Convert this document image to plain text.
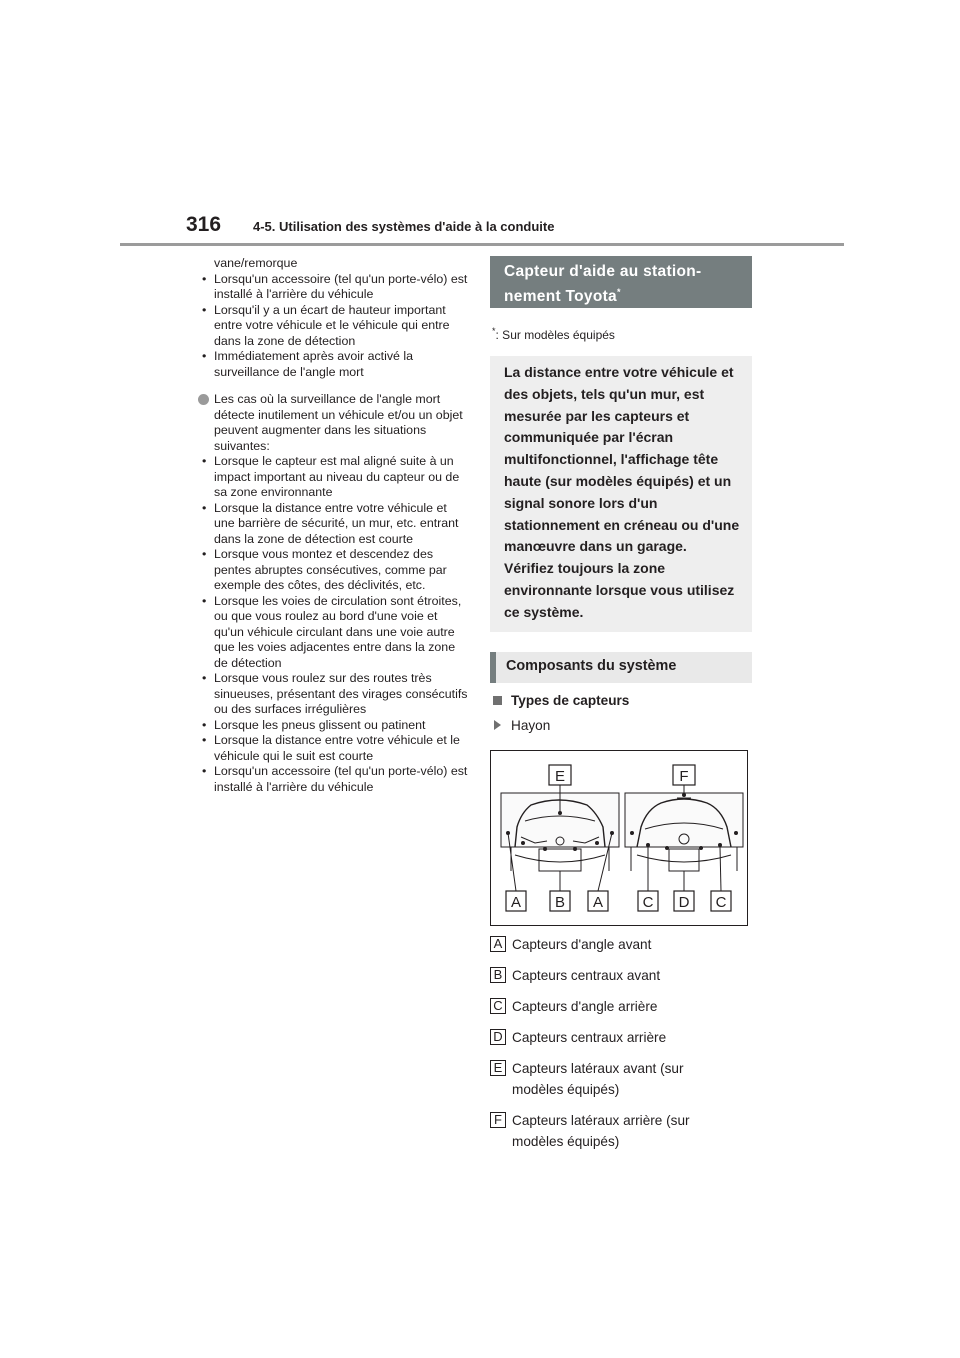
316 4-5. Utilisation des systèmes d'aide à la conduite
vane/remorque
• Lorsqu'un accessoire (tel qu'un porte-vélo) est installé à l'arrière du véhicule
• Lorsqu'il y a un écart de hauteur important entre votre véhicule et le véhicule qui entre dans la zone de détection
• Immédiatement après avoir activé la surveillance de l'angle mort
Les cas où la surveillance de l'angle mort détecte inutilement un véhicule et/ou un objet peuvent augmenter dans les situations suivantes:
• Lorsque le capteur est mal aligné suite à un impact important au niveau du capteur ou de sa zone environnante
• Lorsque la distance entre votre véhicule et une barrière de sécurité, un mur, etc. entrant dans la zone de détection est courte
• Lorsque vous montez et descendez des pentes abruptes consécutives, comme par exemple des côtes, des déclivités, etc.
• Lorsque les voies de circulation sont étroites, ou que vous roulez au bord d'une voie et qu'un véhicule circulant dans une voie autre que les voies adjacentes entre dans la zone de détection
• Lorsque vous roulez sur des routes très sinueuses, présentant des virages consécutifs ou des surfaces irrégulières
• Lorsque les pneus glissent ou patinent
• Lorsque la distance entre votre véhicule et le véhicule qui le suit est courte
• Lorsqu'un accessoire (tel qu'un porte-vélo) est installé à l'arrière du véhicule
Capteur d'aide au station-
nement Toyota*
*: Sur modèles équipés
La distance entre votre véhicule et des objets, tels qu'un mur, est mesurée par les capteurs et communiquée par l'écran multifonctionnel, l'affichage tête haute (sur modèles équipés) et un signal sonore lors d'un stationnement en créneau ou d'une manœuvre dans un garage. Vérifiez toujours la zone environnante lorsque vous utilisez ce système.
Composants du système
Types de capteurs
Hayon
E	F
A B A	C D C
A Capteurs d'angle avant
B Capteurs centraux avant
C Capteurs d'angle arrière
D Capteurs centraux arrière
E Capteurs latéraux avant (sur modèles équipés)
F Capteurs latéraux arrière (sur modèles équipés)
